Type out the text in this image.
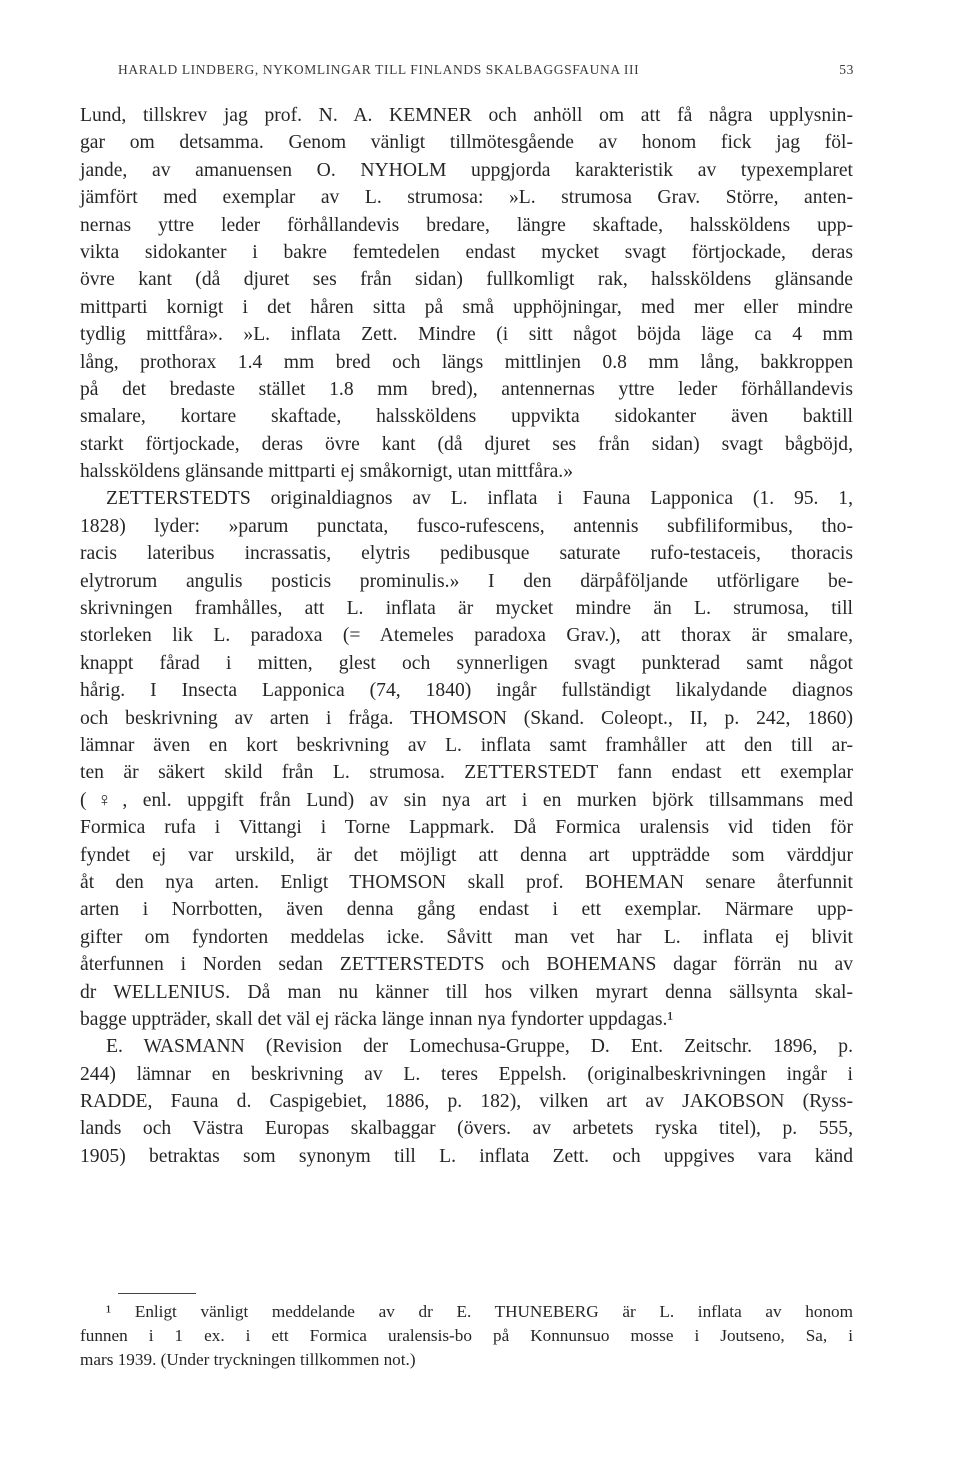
HARALD LINDBERG, NYKOMLINGAR TILL FINLANDS SKALBAGGSFAUNA III	53
Lund, tillskrev jag prof. N. A. KEMNER och anhöll om att få några upplysnin-
gar om detsamma. Genom vänligt tillmötesgående av honom fick jag föl-
jande, av amanuensen O. NYHOLM uppgjorda karakteristik av typexemplaret
jämfört med exemplar av L. strumosa: »L. strumosa Grav. Större, anten-
nernas yttre leder förhållandevis bredare, längre skaftade, halssköldens upp-
vikta sidokanter i bakre femtedelen endast mycket svagt förtjockade, deras
övre kant (då djuret ses från sidan) fullkomligt rak, halssköldens glänsande
mittparti kornigt i det håren sitta på små upphöjningar, med mer eller mindre
tydlig mittfåra». »L. inflata Zett. Mindre (i sitt något böjda läge ca 4 mm
lång, prothorax 1.4 mm bred och längs mittlinjen 0.8 mm lång, bakkroppen
på det bredaste stället 1.8 mm bred), antennernas yttre leder förhållandevis
smalare, kortare skaftade, halssköldens uppvikta sidokanter även baktill
starkt förtjockade, deras övre kant (då djuret ses från sidan) svagt bågböjd,
halssköldens glänsande mittparti ej småkornigt, utan mittfåra.»
ZETTERSTEDTS originaldiagnos av L. inflata i Fauna Lapponica (1. 95. 1,
1828) lyder: »parum punctata, fusco-rufescens, antennis subfiliformibus, tho-
racis lateribus incrassatis, elytris pedibusque saturate rufo-testaceis, thoracis
elytrorum angulis posticis prominulis.» I den därpåföljande utförligare be-
skrivningen framhålles, att L. inflata är mycket mindre än L. strumosa, till
storleken lik L. paradoxa (= Atemeles paradoxa Grav.), att thorax är smalare,
knappt fårad i mitten, glest och synnerligen svagt punkterad samt något
hårig. I Insecta Lapponica (74, 1840) ingår fullständigt likalydande diagnos
och beskrivning av arten i fråga. THOMSON (Skand. Coleopt., II, p. 242, 1860)
lämnar även en kort beskrivning av L. inflata samt framhåller att den till ar-
ten är säkert skild från L. strumosa. ZETTERSTEDT fann endast ett exemplar
(♀, enl. uppgift från Lund) av sin nya art i en murken björk tillsammans med
Formica rufa i Vittangi i Torne Lappmark. Då Formica uralensis vid tiden för
fyndet ej var urskild, är det möjligt att denna art uppträdde som värddjur
åt den nya arten. Enligt THOMSON skall prof. BOHEMAN senare återfunnit
arten i Norrbotten, även denna gång endast i ett exemplar. Närmare upp-
gifter om fyndorten meddelas icke. Såvitt man vet har L. inflata ej blivit
återfunnen i Norden sedan ZETTERSTEDTS och BOHEMANS dagar förrän nu av
dr WELLENIUS. Då man nu känner till hos vilken myrart denna sällsynta skal-
bagge uppträder, skall det väl ej räcka länge innan nya fyndorter uppdagas.¹
E. WASMANN (Revision der Lomechusa-Gruppe, D. Ent. Zeitschr. 1896, p.
244) lämnar en beskrivning av L. teres Eppelsh. (originalbeskrivningen ingår i
RADDE, Fauna d. Caspigebiet, 1886, p. 182), vilken art av JAKOBSON (Ryss-
lands och Västra Europas skalbaggar (övers. av arbetets ryska titel), p. 555,
1905) betraktas som synonym till L. inflata Zett. och uppgives vara känd
¹ Enligt vänligt meddelande av dr E. THUNEBERG är L. inflata av honom
funnen i 1 ex. i ett Formica uralensis-bo på Konnunsuo mosse i Joutseno, Sa, i
mars 1939. (Under tryckningen tillkommen not.)
